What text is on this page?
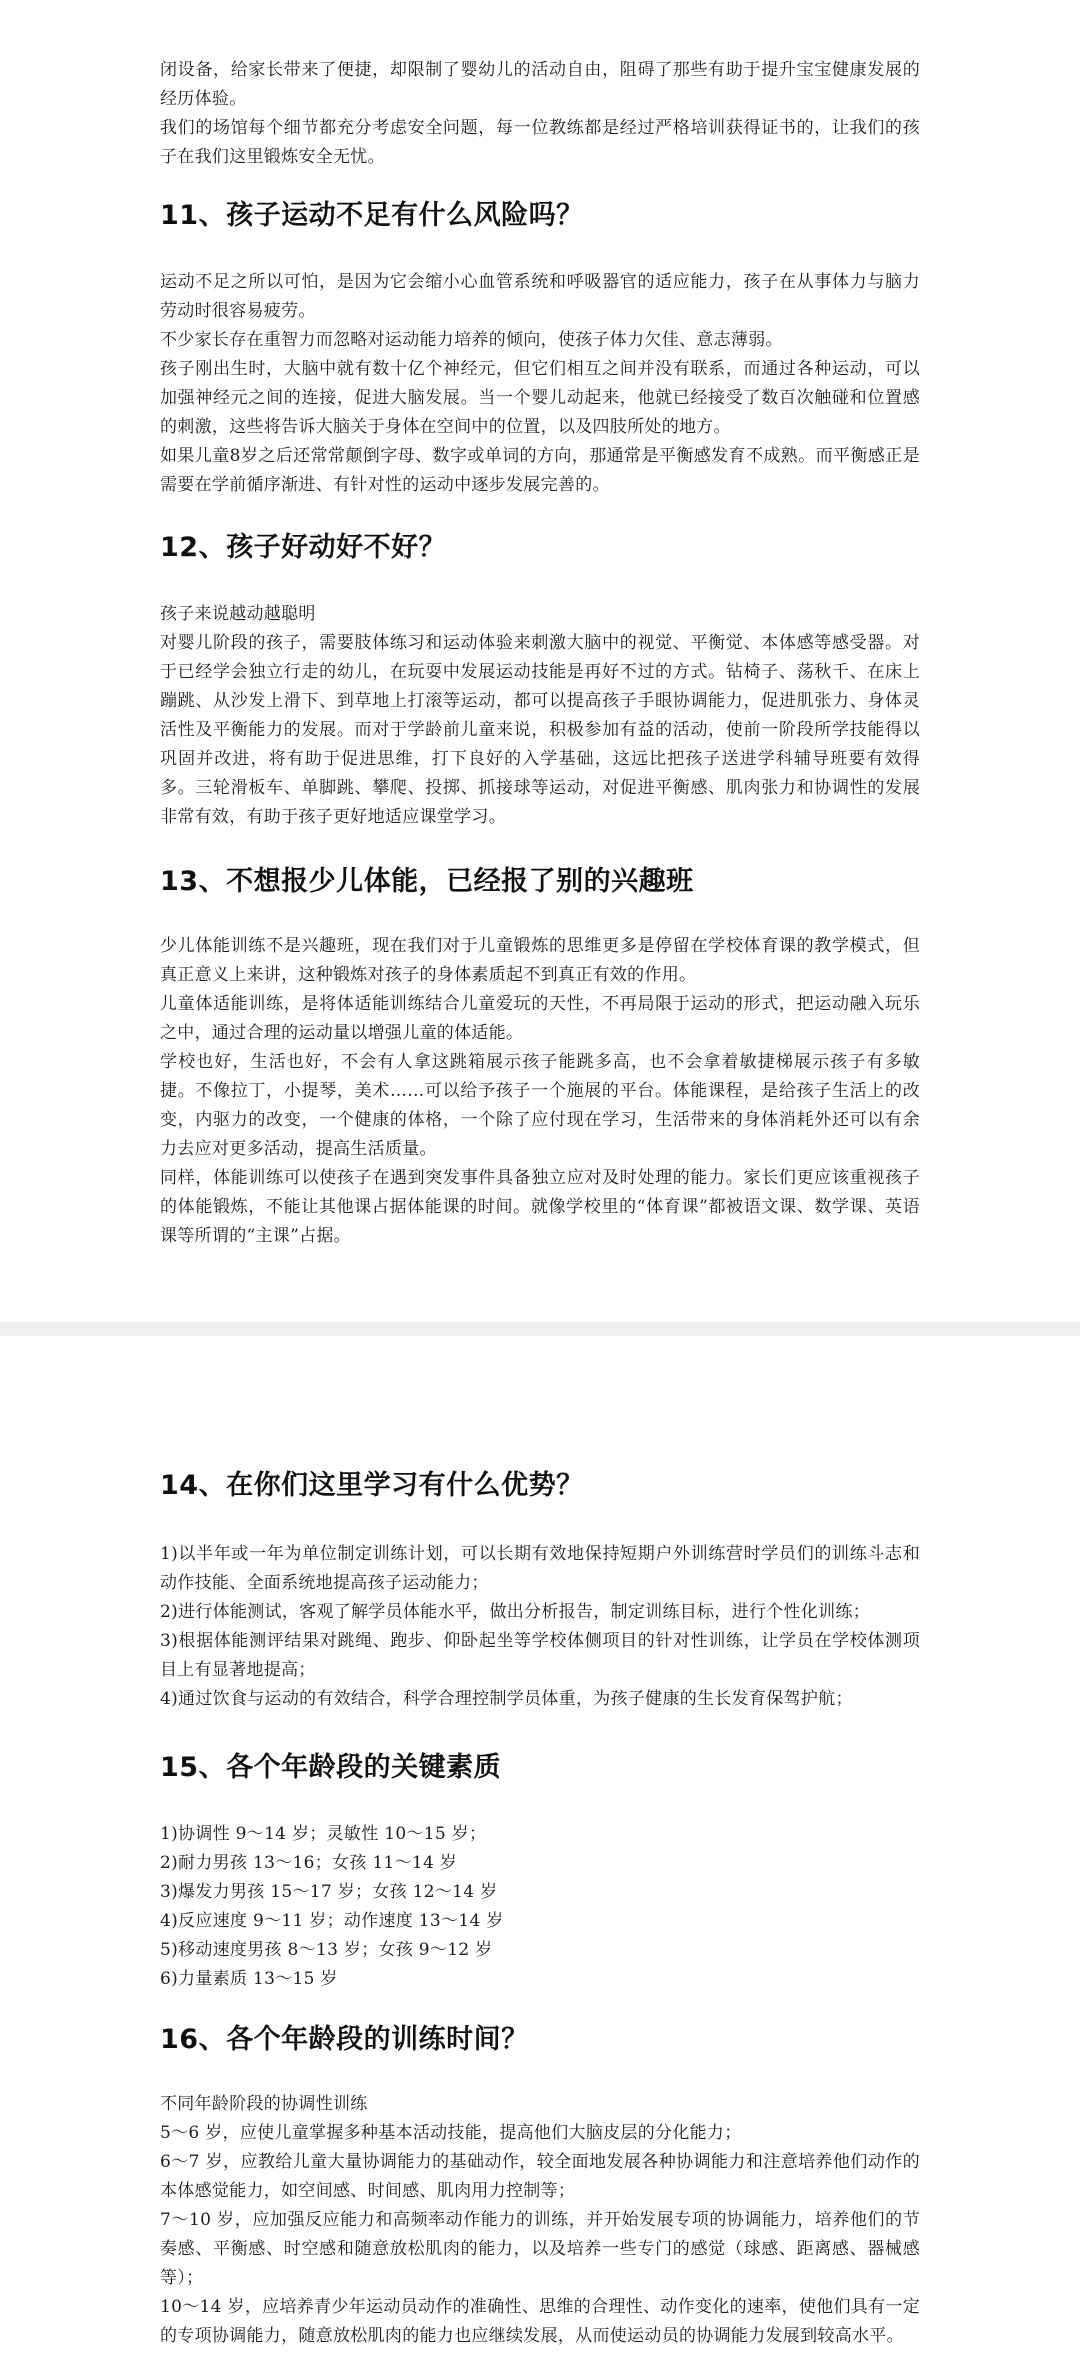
闭设备，给家长带来了便捷，却限制了婴幼儿的活动自由，阻碍了那些有助于提升宝宝健康发展的经历体验。

我们的场馆每个细节都充分考虑安全问题，每一位教练都是经过严格培训获得证书的，让我们的孩子在我们这里锻炼安全无忧。

11、孩子运动不足有什么风险吗？

运动不足之所以可怕，是因为它会缩小心血管系统和呼吸器官的适应能力，孩子在从事体力与脑力劳动时很容易疲劳。

不少家长存在重智力而忽略对运动能力培养的倾向，使孩子体力欠佳、意志薄弱。

孩子刚出生时，大脑中就有数十亿个神经元，但它们相互之间并没有联系，而通过各种运动，可以加强神经元之间的连接，促进大脑发展。当一个婴儿动起来，他就已经接受了数百次触碰和位置感的刺激，这些将告诉大脑关于身体在空间中的位置，以及四肢所处的地方。

如果儿童8岁之后还常常颠倒字母、数字或单词的方向，那通常是平衡感发育不成熟。而平衡感正是需要在学前循序渐进、有针对性的运动中逐步发展完善的。

12、孩子好动好不好？

孩子来说越动越聪明

对婴儿阶段的孩子，需要肢体练习和运动体验来刺激大脑中的视觉、平衡觉、本体感等感受器。对于已经学会独立行走的幼儿，在玩耍中发展运动技能是再好不过的方式。钻椅子、荡秋千、在床上蹦跳、从沙发上滑下、到草地上打滚等运动，都可以提高孩子手眼协调能力，促进肌张力、身体灵活性及平衡能力的发展。而对于学龄前儿童来说，积极参加有益的活动，使前一阶段所学技能得以巩固并改进，将有助于促进思维，打下良好的入学基础，这远比把孩子送进学科辅导班要有效得多。三轮滑板车、单脚跳、攀爬、投掷、抓接球等运动，对促进平衡感、肌肉张力和协调性的发展非常有效，有助于孩子更好地适应课堂学习。

13、不想报少儿体能，已经报了别的兴趣班

少儿体能训练不是兴趣班，现在我们对于儿童锻炼的思维更多是停留在学校体育课的教学模式，但真正意义上来讲，这种锻炼对孩子的身体素质起不到真正有效的作用。

儿童体适能训练，是将体适能训练结合儿童爱玩的天性，不再局限于运动的形式，把运动融入玩乐之中，通过合理的运动量以增强儿童的体适能。

学校也好，生活也好，不会有人拿这跳箱展示孩子能跳多高，也不会拿着敏捷梯展示孩子有多敏捷。不像拉丁，小提琴，美术……可以给予孩子一个施展的平台。体能课程，是给孩子生活上的改变，内驱力的改变，一个健康的体格，一个除了应付现在学习，生活带来的身体消耗外还可以有余力去应对更多活动，提高生活质量。

同样，体能训练可以使孩子在遇到突发事件具备独立应对及时处理的能力。家长们更应该重视孩子的体能锻炼，不能让其他课占据体能课的时间。就像学校里的“体育课”都被语文课、数学课、英语课等所谓的“主课”占据。

14、在你们这里学习有什么优势？

1)以半年或一年为单位制定训练计划，可以长期有效地保持短期户外训练营时学员们的训练斗志和动作技能、全面系统地提高孩子运动能力；

2)进行体能测试，客观了解学员体能水平，做出分析报告，制定训练目标，进行个性化训练；

3)根据体能测评结果对跳绳、跑步、仰卧起坐等学校体侧项目的针对性训练，让学员在学校体测项目上有显著地提高；

4)通过饮食与运动的有效结合，科学合理控制学员体重，为孩子健康的生长发育保驾护航；

15、各个年龄段的关键素质

1)协调性 9～14 岁；灵敏性 10～15 岁；

2)耐力男孩 13～16；女孩 11～14 岁

3)爆发力男孩 15～17 岁；女孩 12～14 岁

4)反应速度 9～11 岁；动作速度 13～14 岁

5)移动速度男孩 8～13 岁；女孩 9～12 岁

6)力量素质 13～15 岁

16、各个年龄段的训练时间？

不同年龄阶段的协调性训练

5～6 岁，应使儿童掌握多种基本活动技能，提高他们大脑皮层的分化能力；

6～7 岁，应教给儿童大量协调能力的基础动作，较全面地发展各种协调能力和注意培养他们动作的本体感觉能力，如空间感、时间感、肌肉用力控制等；

7～10 岁，应加强反应能力和高频率动作能力的训练，并开始发展专项的协调能力，培养他们的节奏感、平衡感、时空感和随意放松肌肉的能力，以及培养一些专门的感觉（球感、距离感、器械感等）；

10～14 岁，应培养青少年运动员动作的准确性、思维的合理性、动作变化的速率，使他们具有一定的专项协调能力，随意放松肌肉的能力也应继续发展，从而使运动员的协调能力发展到较高水平。
